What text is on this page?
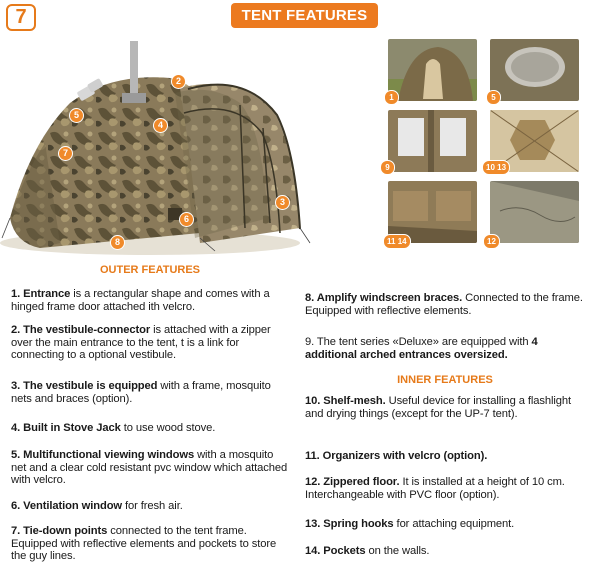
7	TENT FEATURES
7
5
2
4
6
3
8
1	5
9	10 13
11 14	12
OUTER FEATURES
1. Entrance is a rectangular shape and comes with a hinged frame door attached ith velcro.
2. The vestibule-connector is attached with a zipper over the main entrance to the tent, t is a link for connecting to a optional vestibule.
3. The vestibule is equipped with a frame, mosquito nets and braces (option).
4. Built in Stove Jack to use wood stove.
5. Multifunctional viewing windows with a mosquito net and a clear cold resistant pvc window which attached with velcro.
6. Ventilation window for fresh air.
7. Tie-down points connected to the tent frame. Equipped with reflective elements and pockets to store the guy lines.
8. Amplify windscreen braces. Connected to the frame. Equipped with reflective elements.
9. The tent series «Deluxe» are equipped with 4 additional arched entrances oversized.
INNER FEATURES
10. Shelf-mesh. Useful device for installing a flashlight and drying things (except for the UP-7 tent).
11. Organizers with velcro (option).
12. Zippered floor. It is installed at a height of 10 cm. Interchangeable with PVC floor (option).
13. Spring hooks for attaching equipment.
14. Pockets on the walls.
